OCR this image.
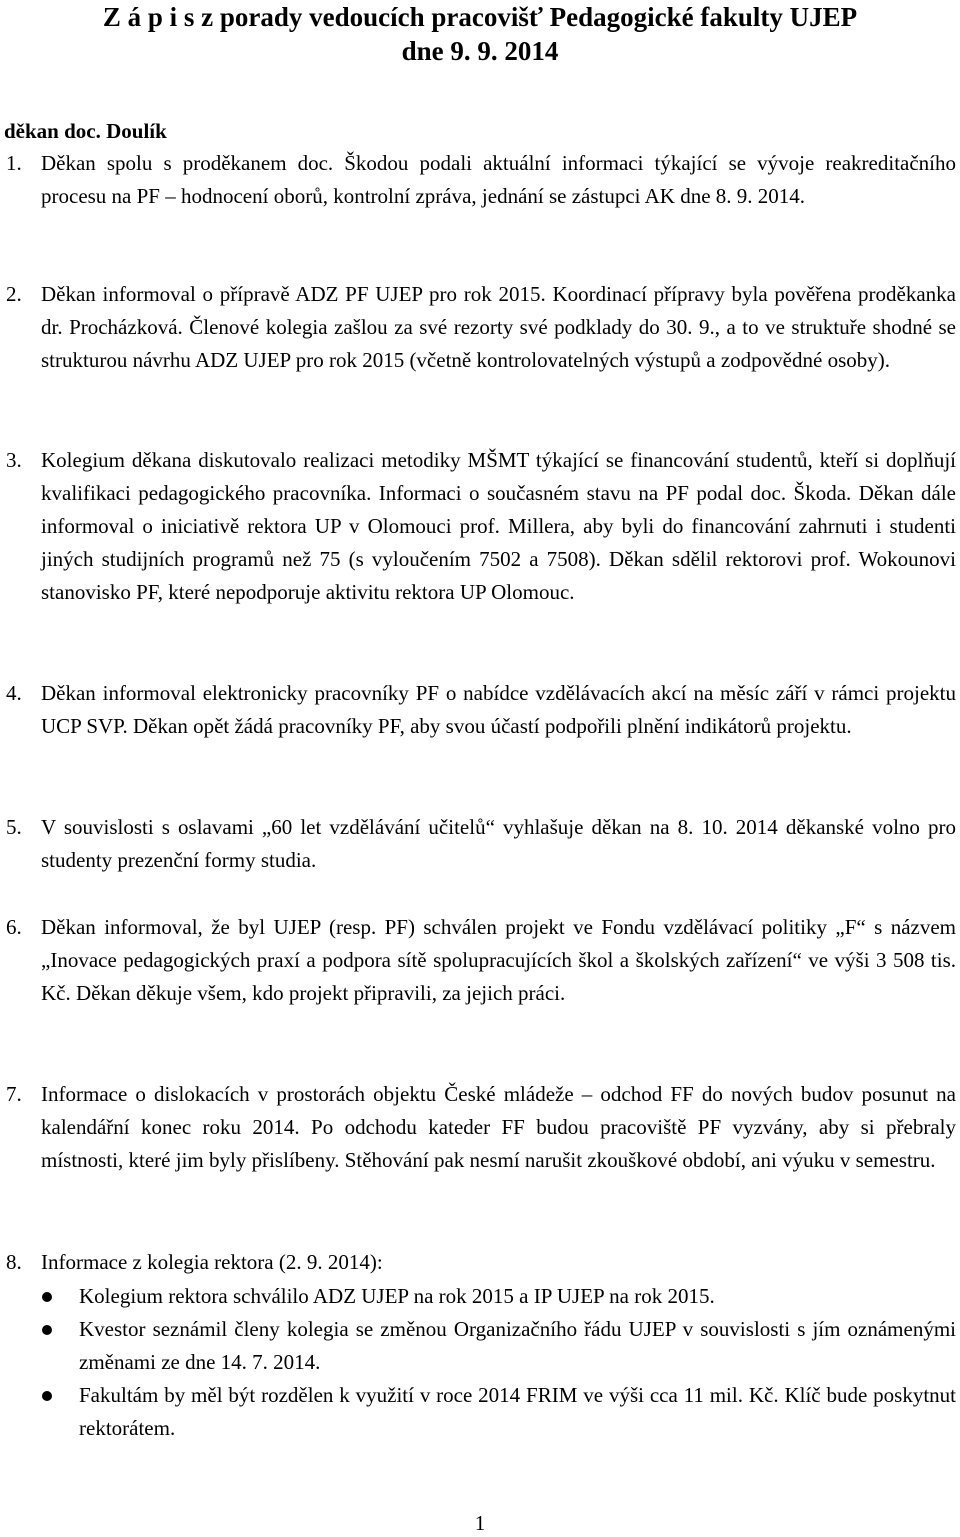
Z á p i s z porady vedoucích pracovišť Pedagogické fakulty UJEP
dne 9. 9. 2014
děkan doc. Doulík
1. Děkan spolu s proděkanem doc. Škodou podali aktuální informaci týkající se vývoje reakreditačního procesu na PF – hodnocení oborů, kontrolní zpráva, jednání se zástupci AK dne 8. 9. 2014.
2. Děkan informoval o přípravě ADZ PF UJEP pro rok 2015. Koordinací přípravy byla pověřena proděkanka dr. Procházková. Členové kolegia zašlou za své rezorty své podklady do 30. 9., a to ve struktuře shodné se strukturou návrhu ADZ UJEP pro rok 2015 (včetně kontrolovatelných výstupů a zodpovědné osoby).
3. Kolegium děkana diskutovalo realizaci metodiky MŠMT týkající se financování studentů, kteří si doplňují kvalifikaci pedagogického pracovníka. Informaci o současném stavu na PF podal doc. Škoda. Děkan dále informoval o iniciativě rektora UP v Olomouci prof. Millera, aby byli do financování zahrnuti i studenti jiných studijních programů než 75 (s vyloučením 7502 a 7508). Děkan sdělil rektorovi prof. Wokounovi stanovisko PF, které nepodporuje aktivitu rektora UP Olomouc.
4. Děkan informoval elektronicky pracovníky PF o nabídce vzdělávacích akcí na měsíc září v rámci projektu UCP SVP. Děkan opět žádá pracovníky PF, aby svou účastí podpořili plnění indikátorů projektu.
5. V souvislosti s oslavami „60 let vzdělávání učitelů“ vyhlašuje děkan na 8. 10. 2014 děkanské volno pro studenty prezenční formy studia.
6. Děkan informoval, že byl UJEP (resp. PF) schválen projekt ve Fondu vzdělávací politiky „F“ s názvem „Inovace pedagogických praxí a podpora sítě spolupracujících škol a školských zařízení“ ve výši 3 508 tis. Kč. Děkan děkuje všem, kdo projekt připravili, za jejich práci.
7. Informace o dislokacích v prostorách objektu České mládeže – odchod FF do nových budov posunut na kalendářní konec roku 2014. Po odchodu kateder FF budou pracoviště PF vyzvány, aby si přebraly místnosti, které jim byly přislíbeny. Stěhování pak nesmí narušit zkouškové období, ani výuku v semestru.
8. Informace z kolegia rektora (2. 9. 2014):
Kolegium rektora schválilo ADZ UJEP na rok 2015 a IP UJEP na rok 2015.
Kvestor seznámil členy kolegia se změnou Organizačního řádu UJEP v souvislosti s jím oznámenými změnami ze dne 14. 7. 2014.
Fakultám by měl být rozdělen k využití v roce 2014 FRIM ve výši cca 11 mil. Kč. Klíč bude poskytnut rektorátem.
1
